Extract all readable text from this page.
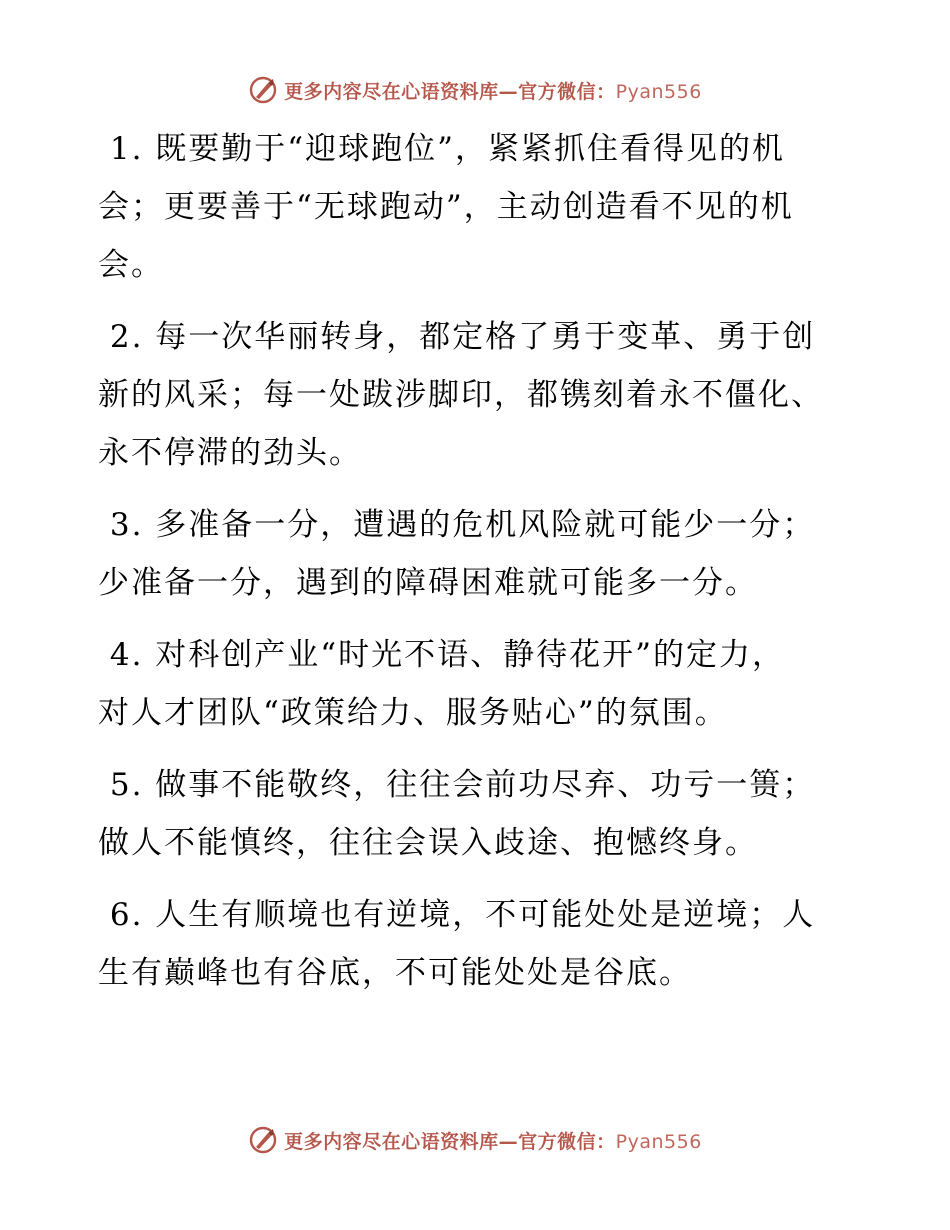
更多内容尽在心语资料库—官方微信：Pyan556

1. 既要勤于“迎球跑位”，紧紧抓住看得见的机
会；更要善于“无球跑动”，主动创造看不见的机
会。

2. 每一次华丽转身，都定格了勇于变革、勇于创
新的风采；每一处跋涉脚印，都镌刻着永不僵化、
永不停滞的劲头。

3. 多准备一分，遭遇的危机风险就可能少一分；
少准备一分，遇到的障碍困难就可能多一分。

4. 对科创产业“时光不语、静待花开”的定力，
对人才团队“政策给力、服务贴心”的氛围。

5. 做事不能敬终，往往会前功尽弃、功亏一篑；
做人不能慎终，往往会误入歧途、抱憾终身。

6. 人生有顺境也有逆境，不可能处处是逆境；人
生有巅峰也有谷底，不可能处处是谷底。

更多内容尽在心语资料库—官方微信：Pyan556
